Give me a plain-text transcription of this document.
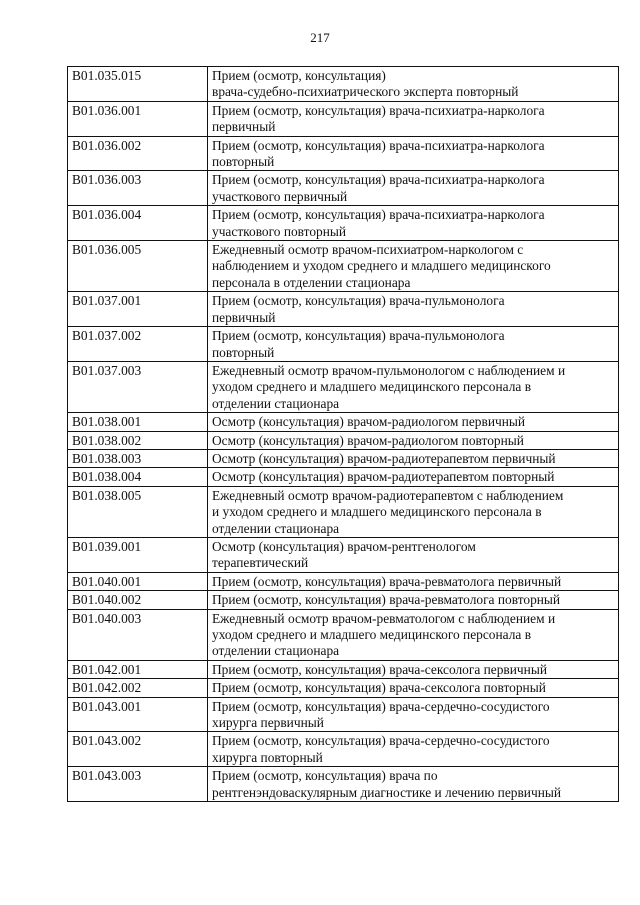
217
B01.035.015	Прием (осмотр, консультация)
врача-судебно-психиатрического эксперта повторный

B01.036.001	Прием (осмотр, консультация) врача-психиатра-нарколога
первичный

B01.036.002	Прием (осмотр, консультация) врача-психиатра-нарколога
повторный

B01.036.003	Прием (осмотр, консультация) врача-психиатра-нарколога
участкового первичный

B01.036.004	Прием (осмотр, консультация) врача-психиатра-нарколога
участкового повторный

B01.036.005	Ежедневный осмотр врачом-психиатром-наркологом с
наблюдением и уходом среднего и младшего медицинского
персонала в отделении стационара

B01.037.001	Прием (осмотр, консультация) врача-пульмонолога
первичный

B01.037.002	Прием (осмотр, консультация) врача-пульмонолога
повторный

B01.037.003	Ежедневный осмотр врачом-пульмонологом с наблюдением и
уходом среднего и младшего медицинского персонала в
отделении стационара

B01.038.001	Осмотр (консультация) врачом-радиологом первичный

B01.038.002	Осмотр (консультация) врачом-радиологом повторный

B01.038.003	Осмотр (консультация) врачом-радиотерапевтом первичный

B01.038.004	Осмотр (консультация) врачом-радиотерапевтом повторный

B01.038.005	Ежедневный осмотр врачом-радиотерапевтом с наблюдением
и уходом среднего и младшего медицинского персонала в
отделении стационара

B01.039.001	Осмотр (консультация) врачом-рентгенологом
терапевтический

B01.040.001	Прием (осмотр, консультация) врача-ревматолога первичный

B01.040.002	Прием (осмотр, консультация) врача-ревматолога повторный

B01.040.003	Ежедневный осмотр врачом-ревматологом с наблюдением и
уходом среднего и младшего медицинского персонала в
отделении стационара

B01.042.001	Прием (осмотр, консультация) врача-сексолога первичный

B01.042.002	Прием (осмотр, консультация) врача-сексолога повторный

B01.043.001	Прием (осмотр, консультация) врача-сердечно-сосудистого
хирурга первичный

B01.043.002	Прием (осмотр, консультация) врача-сердечно-сосудистого
хирурга повторный

B01.043.003	Прием (осмотр, консультация) врача по
рентгенэндоваскулярным диагностике и лечению первичный
